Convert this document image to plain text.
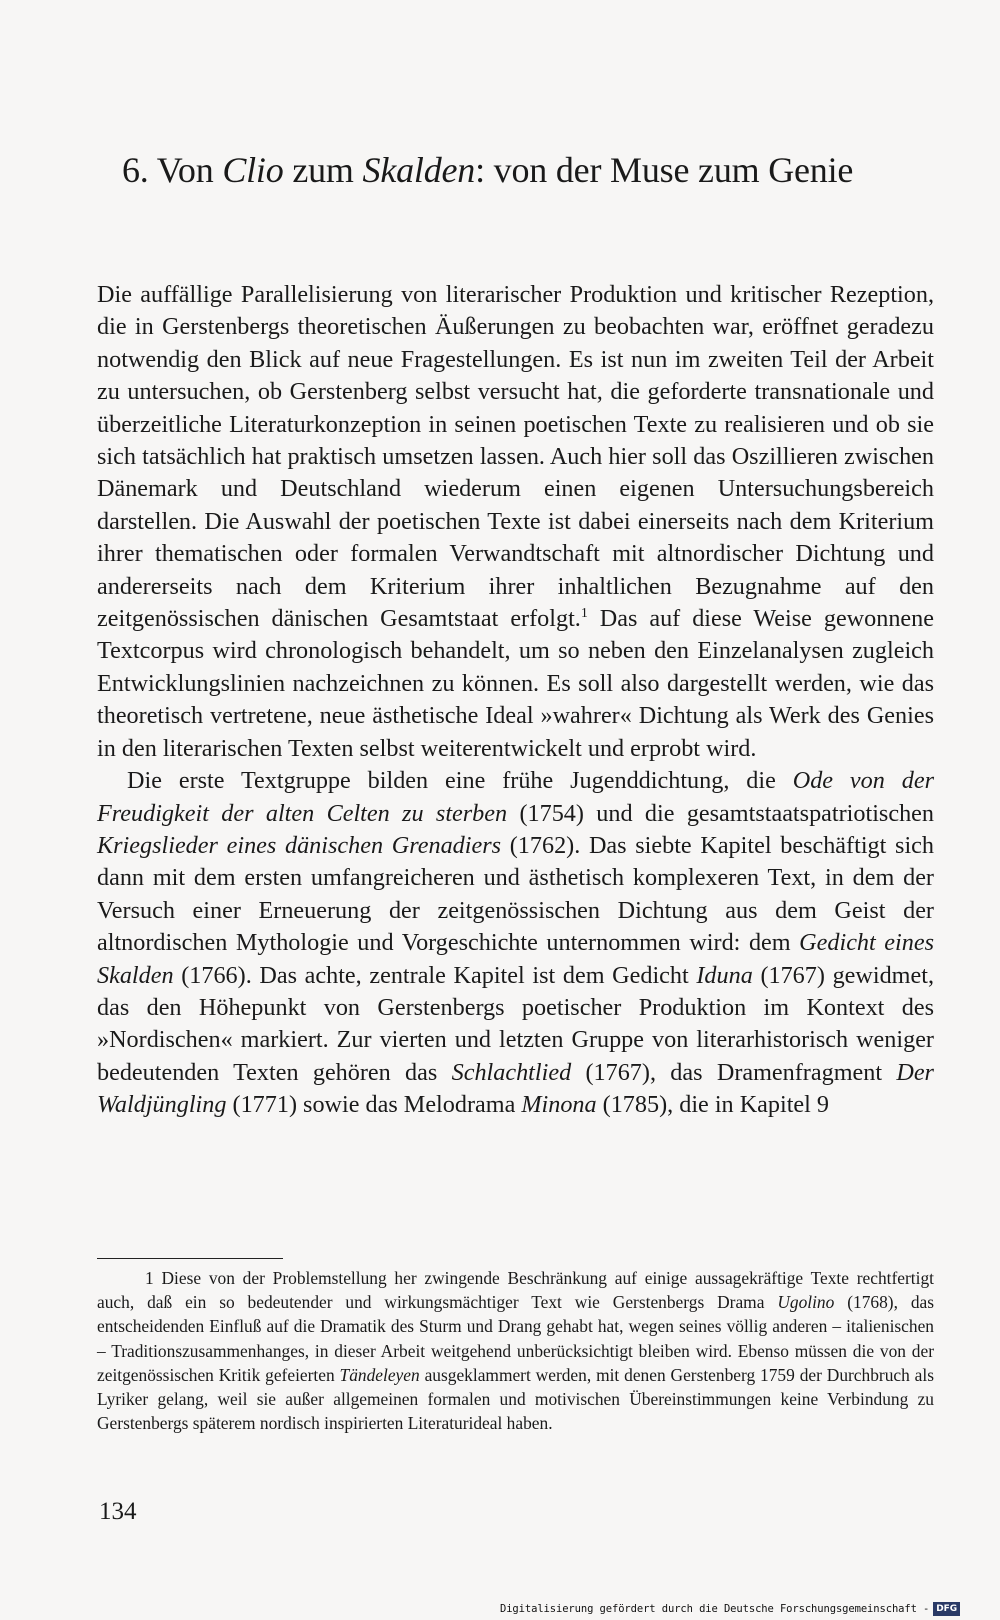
6. Von Clio zum Skalden: von der Muse zum Genie

Die auffällige Parallelisierung von literarischer Produktion und kritischer Rezeption, die in Gerstenbergs theoretischen Äußerungen zu beobachten war, eröffnet geradezu notwendig den Blick auf neue Fragestellungen. Es ist nun im zweiten Teil der Arbeit zu untersuchen, ob Gerstenberg selbst versucht hat, die geforderte transnationale und überzeitliche Literaturkonzeption in seinen poetischen Texte zu realisieren und ob sie sich tatsächlich hat praktisch umsetzen lassen. Auch hier soll das Oszillieren zwischen Dänemark und Deutschland wiederum einen eigenen Untersuchungsbereich darstellen. Die Auswahl der poetischen Texte ist dabei einerseits nach dem Kriterium ihrer thematischen oder formalen Verwandtschaft mit altnordischer Dichtung und andererseits nach dem Kriterium ihrer inhaltlichen Bezugnahme auf den zeitgenössischen dänischen Gesamtstaat erfolgt.$^1$ Das auf diese Weise gewonnene Textcorpus wird chronologisch behandelt, um so neben den Einzelanalysen zugleich Entwicklungslinien nachzeichnen zu können. Es soll also dargestellt werden, wie das theoretisch vertretene, neue ästhetische Ideal »wahrer« Dichtung als Werk des Genies in den literarischen Texten selbst weiterentwickelt und erprobt wird.

Die erste Textgruppe bilden eine frühe Jugenddichtung, die Ode von der Freudigkeit der alten Celten zu sterben (1754) und die gesamtstaatspatriotischen Kriegslieder eines dänischen Grenadiers (1762). Das siebte Kapitel beschäftigt sich dann mit dem ersten umfangreicheren und ästhetisch komplexeren Text, in dem der Versuch einer Erneuerung der zeitgenössischen Dichtung aus dem Geist der altnordischen Mythologie und Vorgeschichte unternommen wird: dem Gedicht eines Skalden (1766). Das achte, zentrale Kapitel ist dem Gedicht Iduna (1767) gewidmet, das den Höhepunkt von Gerstenbergs poetischer Produktion im Kontext des »Nordischen« markiert. Zur vierten und letzten Gruppe von literarhistorisch weniger bedeutenden Texten gehören das Schlachtlied (1767), das Dramenfragment Der Waldjüngling (1771) sowie das Melodrama Minona (1785), die in Kapitel 9

1 Diese von der Problemstellung her zwingende Beschränkung auf einige aussagekräftige Texte rechtfertigt auch, daß ein so bedeutender und wirkungsmächtiger Text wie Gerstenbergs Drama Ugolino (1768), das entscheidenden Einfluß auf die Dramatik des Sturm und Drang gehabt hat, wegen seines völlig anderen – italienischen – Traditionszusammenhanges, in dieser Arbeit weitgehend unberücksichtigt bleiben wird. Ebenso müssen die von der zeitgenössischen Kritik gefeierten Tändeleyen ausgeklammert werden, mit denen Gerstenberg 1759 der Durchbruch als Lyriker gelang, weil sie außer allgemeinen formalen und motivischen Übereinstimmungen keine Verbindung zu Gerstenbergs späterem nordisch inspirierten Literaturideal haben.
134
Digitalisierung gefördert durch die Deutsche Forschungsgemeinschaft - DFG
